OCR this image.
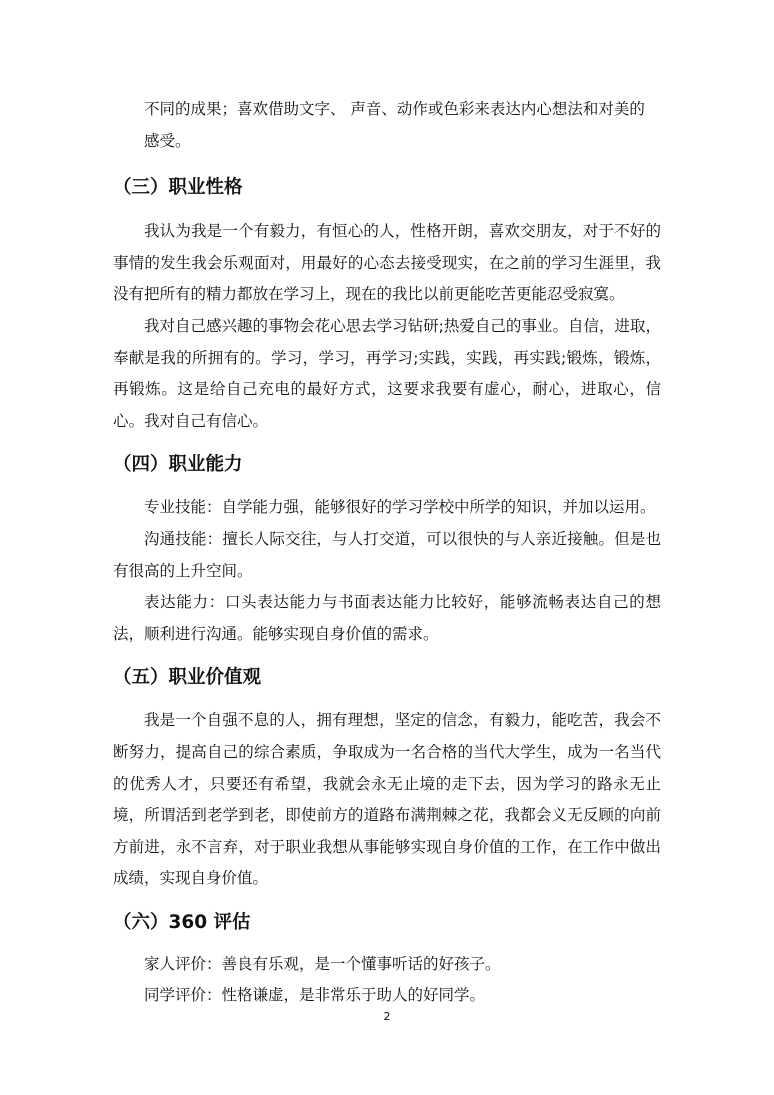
不同的成果；喜欢借助文字、 声音、动作或色彩来表达内心想法和对美的

感受。

（三）职业性格

我认为我是一个有毅力，有恒心的人，性格开朗，喜欢交朋友，对于不好的事情的发生我会乐观面对，用最好的心态去接受现实，在之前的学习生涯里，我没有把所有的精力都放在学习上，现在的我比以前更能吃苦更能忍受寂寞。

我对自己感兴趣的事物会花心思去学习钻研;热爱自己的事业。自信，进取，奉献是我的所拥有的。学习，学习，再学习;实践，实践，再实践;锻炼，锻炼，再锻炼。这是给自己充电的最好方式，这要求我要有虚心，耐心，进取心，信心。我对自己有信心。

（四）职业能力

专业技能：自学能力强，能够很好的学习学校中所学的知识，并加以运用。

沟通技能：擅长人际交往，与人打交道，可以很快的与人亲近接触。但是也有很高的上升空间。

表达能力：口头表达能力与书面表达能力比较好，能够流畅表达自己的想法，顺利进行沟通。能够实现自身价值的需求。

（五）职业价值观

我是一个自强不息的人，拥有理想，坚定的信念，有毅力，能吃苦，我会不断努力，提高自己的综合素质，争取成为一名合格的当代大学生，成为一名当代的优秀人才，只要还有希望，我就会永无止境的走下去，因为学习的路永无止境，所谓活到老学到老，即使前方的道路布满荆棘之花，我都会义无反顾的向前方前进，永不言弃，对于职业我想从事能够实现自身价值的工作，在工作中做出成绩，实现自身价值。

（六）360 评估

家人评价：善良有乐观，是一个懂事听话的好孩子。

同学评价：性格谦虚，是非常乐于助人的好同学。

2
